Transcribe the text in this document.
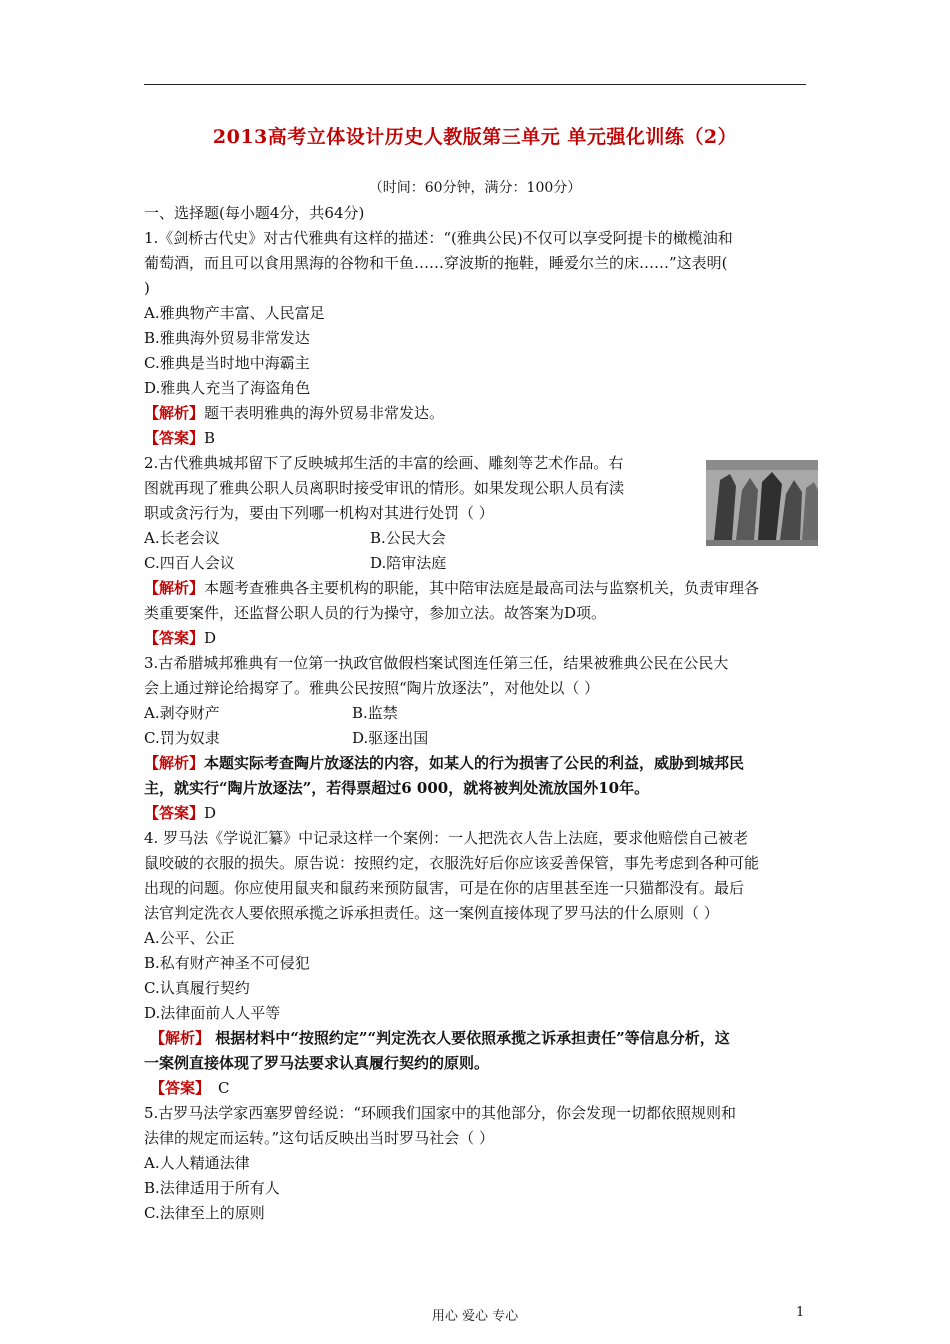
2013高考立体设计历史人教版第三单元 单元强化训练（2）
（时间：60分钟，满分：100分）
一、选择题(每小题4分，共64分)
1.《剑桥古代史》对古代雅典有这样的描述：“(雅典公民)不仅可以享受阿提卡的橄榄油和
葡萄酒，而且可以食用黑海的谷物和干鱼……穿波斯的拖鞋，睡爱尔兰的床……”这表明(
)
A.雅典物产丰富、人民富足
B.雅典海外贸易非常发达
C.雅典是当时地中海霸主
D.雅典人充当了海盗角色
【解析】题干表明雅典的海外贸易非常发达。
【答案】B
2.古代雅典城邦留下了反映城邦生活的丰富的绘画、雕刻等艺术作品。右
图就再现了雅典公职人员离职时接受审讯的情形。如果发现公职人员有渎
职或贪污行为，要由下列哪一机构对其进行处罚（ ）
A.长老会议	B.公民大会
C.四百人会议	D.陪审法庭
【解析】本题考查雅典各主要机构的职能，其中陪审法庭是最高司法与监察机关，负责审理各
类重要案件，还监督公职人员的行为操守，参加立法。故答案为D项。
【答案】D
3.古希腊城邦雅典有一位第一执政官做假档案试图连任第三任，结果被雅典公民在公民大
会上通过辩论给揭穿了。雅典公民按照“陶片放逐法”，对他处以（ ）
A.剥夺财产	B.监禁
C.罚为奴隶	D.驱逐出国
【解析】本题实际考查陶片放逐法的内容，如某人的行为损害了公民的利益，威胁到城邦民
主，就实行“陶片放逐法”，若得票超过6 000，就将被判处流放国外10年。
【答案】D
4. 罗马法《学说汇纂》中记录这样一个案例：一人把洗衣人告上法庭，要求他赔偿自己被老
鼠咬破的衣服的损失。原告说：按照约定，衣服洗好后你应该妥善保管，事先考虑到各种可能
出现的问题。你应使用鼠夹和鼠药来预防鼠害，可是在你的店里甚至连一只猫都没有。最后
法官判定洗衣人要依照承揽之诉承担责任。这一案例直接体现了罗马法的什么原则（ ）
A.公平、公正
B.私有财产神圣不可侵犯
C.认真履行契约
D.法律面前人人平等
【解析】 根据材料中“按照约定”“判定洗衣人要依照承揽之诉承担责任”等信息分析，这
一案例直接体现了罗马法要求认真履行契约的原则。
【答案】 C
5.古罗马法学家西塞罗曾经说：“环顾我们国家中的其他部分，你会发现一切都依照规则和
法律的规定而运转。”这句话反映出当时罗马社会（ ）
A.人人精通法律
B.法律适用于所有人
C.法律至上的原则
用心 爱心 专心	1
